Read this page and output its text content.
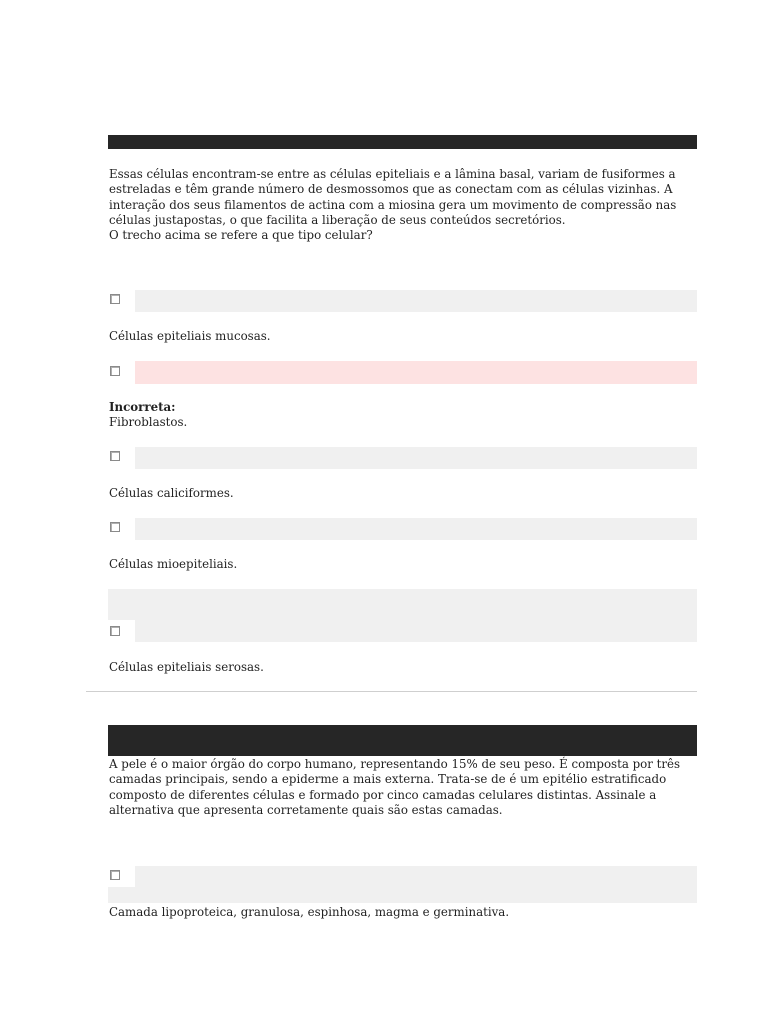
Essas células encontram-se entre as células epiteliais e a lâmina basal, variam de fusiformes a

estreladas e têm grande número de desmossomos que as conectam com as células vizinhas. A

interação dos seus filamentos de actina com a miosina gera um movimento de compressão nas

células justapostas, o que facilita a liberação de seus conteúdos secretórios.

O trecho acima se refere a que tipo celular?

Células epiteliais mucosas.
Incorreta:
Fibroblastos.
Células caliciformes.
Células mioepiteliais.
Células epiteliais serosas.

A pele é o maior órgão do corpo humano, representando 15% de seu peso. É composta por três

camadas principais, sendo a epiderme a mais externa. Trata-se de é um epitélio estratificado

composto de diferentes células e formado por cinco camadas celulares distintas. Assinale a

alternativa que apresenta corretamente quais são estas camadas.

Camada lipoproteica, granulosa, espinhosa, magma e germinativa.
